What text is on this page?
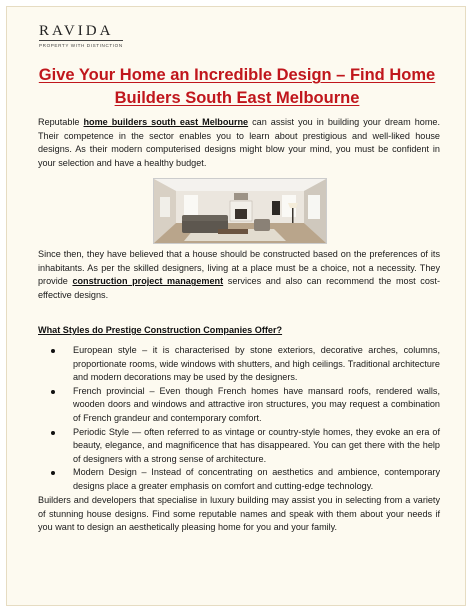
RAVIDA
PROPERTY WITH DISTINCTION
Give Your Home an Incredible Design – Find Home
Builders South East Melbourne

Reputable home builders south east Melbourne can assist you in building your dream home. Their competence in the sector enables you to learn about prestigious and well-liked house designs. As their modern computerised designs might blow your mind, you must be confident in your selection and have a healthy budget.

Since then, they have believed that a house should be constructed based on the preferences of its inhabitants. As per the skilled designers, living at a place must be a choice, not a necessity. They provide construction project management services and also can recommend the most cost-effective designs.

What Styles do Prestige Construction Companies Offer?
European style – it is characterised by stone exteriors, decorative arches, columns, proportionate rooms, wide windows with shutters, and high ceilings. Traditional architecture and modern decorations may be used by the designers.
French provincial – Even though French homes have mansard roofs, rendered walls, wooden doors and windows and attractive iron structures, you may request a combination of French grandeur and contemporary comfort.
Periodic Style — often referred to as vintage or country-style homes, they evoke an era of beauty, elegance, and magnificence that has disappeared. You can get there with the help of designers with a strong sense of architecture.
Modern Design – Instead of concentrating on aesthetics and ambience, contemporary designs place a greater emphasis on comfort and cutting-edge technology.

Builders and developers that specialise in luxury building may assist you in selecting from a variety of stunning house designs. Find some reputable names and speak with them about your needs if you want to design an aesthetically pleasing home for you and your family.
